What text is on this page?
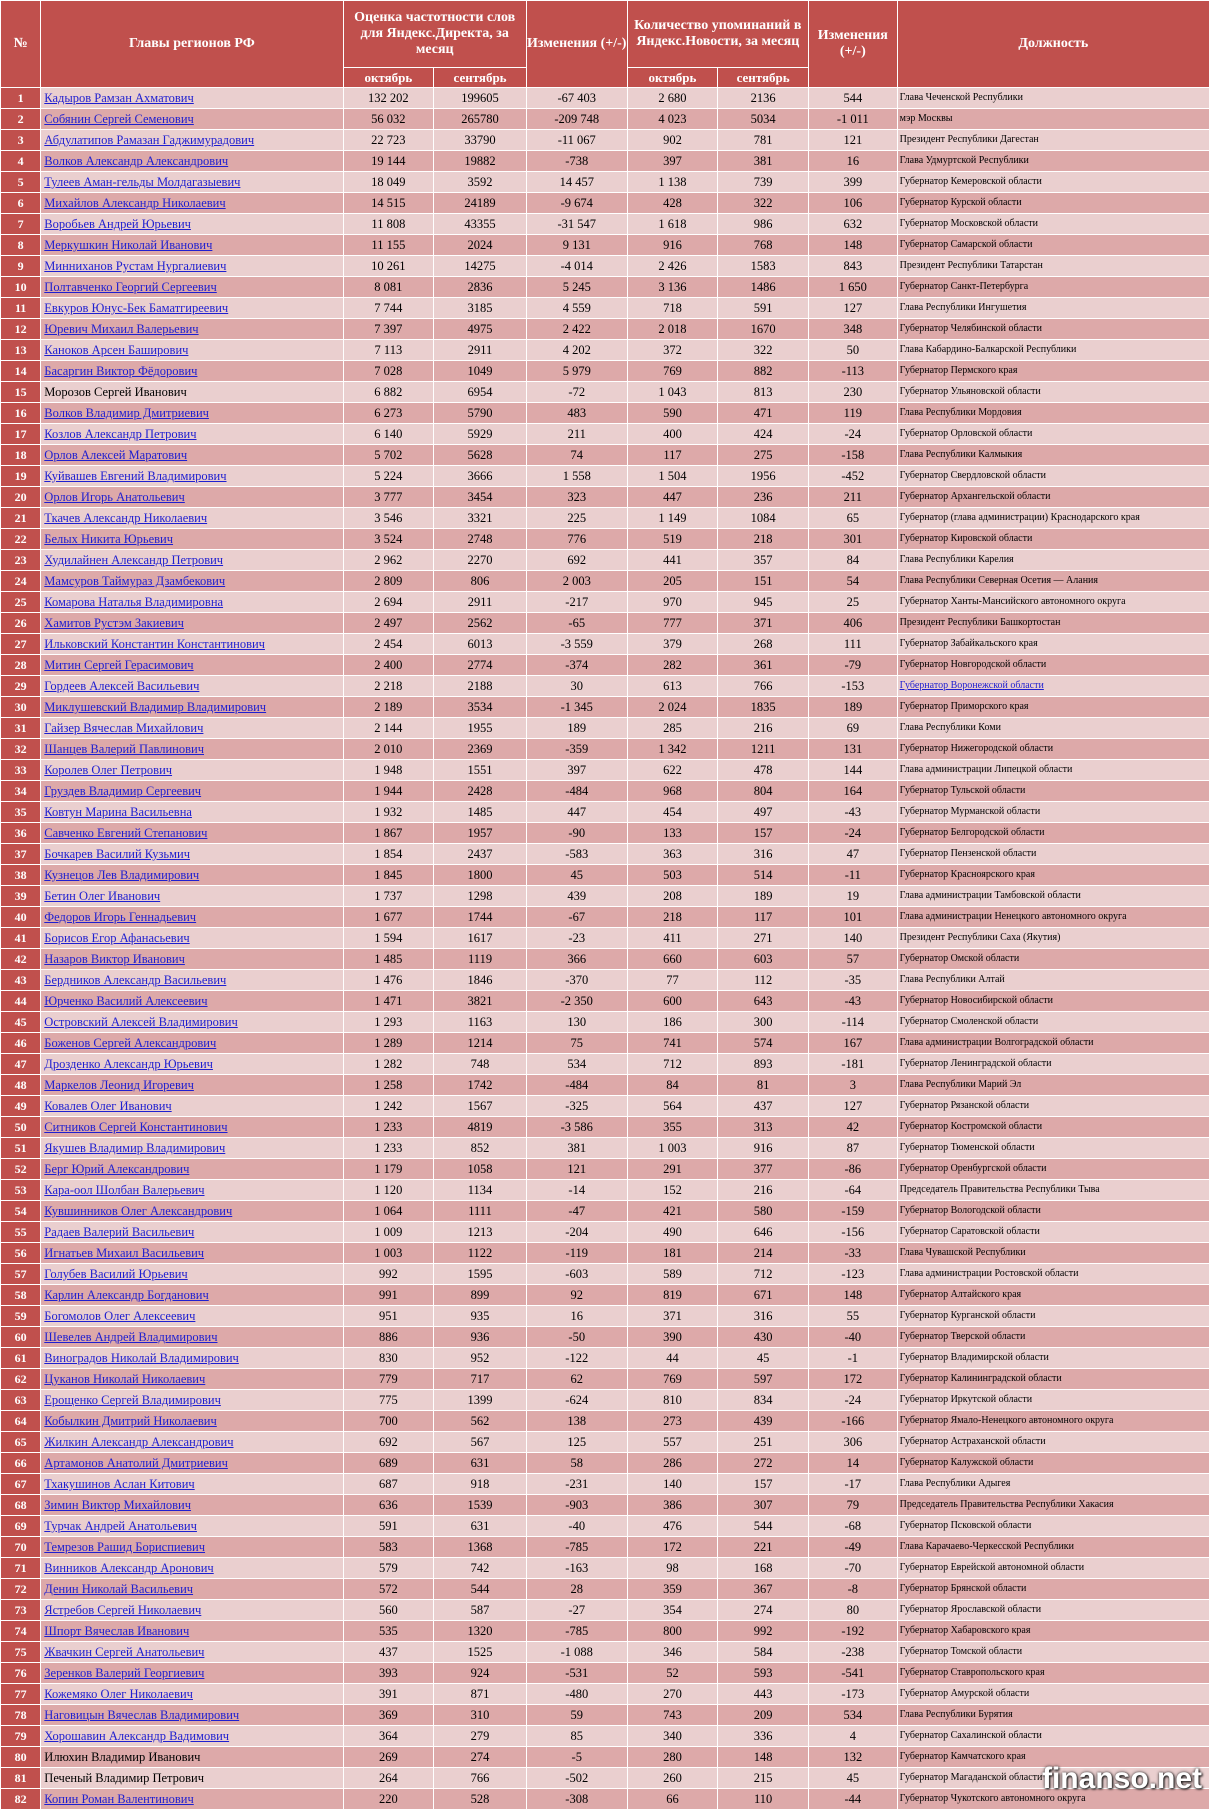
№	Главы регионов РФ	Оценка частотности слов для Яндекс.Директа, за месяц		Изменения (+/-)	Количество упоминаний в Яндекс.Новости, за месяц		Изменения (+/-)	Должность
		октябрь	сентябрь		октябрь	сентябрь		
1	Кадыров Рамзан Ахматович	132 202	199605	-67 403	2 680	2136	544	Глава Чеченской Республики
2	Собянин Сергей Семенович	56 032	265780	-209 748	4 023	5034	-1 011	мэр Москвы
3	Абдулатипов Рамазан Гаджимурадович	22 723	33790	-11 067	902	781	121	Президент Республики Дагестан
4	Волков Александр Александрович	19 144	19882	-738	397	381	16	Глава Удмуртской Республики
5	Тулеев Аман-гельды Молдагазыевич	18 049	3592	14 457	1 138	739	399	Губернатор Кемеровской области
6	Михайлов Александр Николаевич	14 515	24189	-9 674	428	322	106	Губернатор Курской области
7	Воробьев Андрей Юрьевич	11 808	43355	-31 547	1 618	986	632	Губернатор Московской области
8	Меркушкин Николай Иванович	11 155	2024	9 131	916	768	148	Губернатор Самарской области
9	Минниханов Рустам Нургалиевич	10 261	14275	-4 014	2 426	1583	843	Президент Республики Татарстан
10	Полтавченко Георгий Сергеевич	8 081	2836	5 245	3 136	1486	1 650	Губернатор Санкт-Петербурга
11	Евкуров Юнус-Бек Баматгиреевич	7 744	3185	4 559	718	591	127	Глава Республики Ингушетия
12	Юревич Михаил Валерьевич	7 397	4975	2 422	2 018	1670	348	Губернатор Челябинской области
13	Каноков Арсен Баширович	7 113	2911	4 202	372	322	50	Глава Кабардино-Балкарской Республики
14	Басаргин Виктор Фёдорович	7 028	1049	5 979	769	882	-113	Губернатор Пермского края
15	Морозов Сергей Иванович	6 882	6954	-72	1 043	813	230	Губернатор Ульяновской области
16	Волков Владимир Дмитриевич	6 273	5790	483	590	471	119	Глава Республики Мордовия
17	Козлов Александр Петрович	6 140	5929	211	400	424	-24	Губернатор Орловской области
18	Орлов Алексей Маратович	5 702	5628	74	117	275	-158	Глава Республики Калмыкия
19	Куйвашев Евгений Владимирович	5 224	3666	1 558	1 504	1956	-452	Губернатор Свердловской области
20	Орлов Игорь Анатольевич	3 777	3454	323	447	236	211	Губернатор Архангельской области
21	Ткачев Александр Николаевич	3 546	3321	225	1 149	1084	65	Губернатор (глава администрации) Краснодарского края
22	Белых Никита Юрьевич	3 524	2748	776	519	218	301	Губернатор Кировской области
23	Худилайнен Александр Петрович	2 962	2270	692	441	357	84	Глава Республики Карелия
24	Мамсуров Таймураз Дзамбекович	2 809	806	2 003	205	151	54	Глава Республики Северная Осетия — Алания
25	Комарова Наталья Владимировна	2 694	2911	-217	970	945	25	Губернатор Ханты-Мансийского автономного округа
26	Хамитов Рустэм Закиевич	2 497	2562	-65	777	371	406	Президент Республики Башкортостан
27	Ильковский Константин Константинович	2 454	6013	-3 559	379	268	111	Губернатор Забайкальского края
28	Митин Сергей Герасимович	2 400	2774	-374	282	361	-79	Губернатор Новгородской области
29	Гордеев Алексей Васильевич	2 218	2188	30	613	766	-153	Губернатор Воронежской области
30	Миклушевский Владимир Владимирович	2 189	3534	-1 345	2 024	1835	189	Губернатор Приморского края
31	Гайзер Вячеслав Михайлович	2 144	1955	189	285	216	69	Глава Республики Коми
32	Шанцев Валерий Павлинович	2 010	2369	-359	1 342	1211	131	Губернатор Нижегородской области
33	Королев Олег Петрович	1 948	1551	397	622	478	144	Глава администрации Липецкой области
34	Груздев Владимир Сергеевич	1 944	2428	-484	968	804	164	Губернатор Тульской области
35	Ковтун Марина Васильевна	1 932	1485	447	454	497	-43	Губернатор Мурманской области
36	Савченко Евгений Степанович	1 867	1957	-90	133	157	-24	Губернатор Белгородской области
37	Бочкарев Василий Кузьмич	1 854	2437	-583	363	316	47	Губернатор Пензенской области
38	Кузнецов Лев Владимирович	1 845	1800	45	503	514	-11	Губернатор Красноярского края
39	Бетин Олег Иванович	1 737	1298	439	208	189	19	Глава администрации Тамбовской области
40	Федоров Игорь Геннадьевич	1 677	1744	-67	218	117	101	Глава администрации Ненецкого автономного округа
41	Борисов Егор Афанасьевич	1 594	1617	-23	411	271	140	Президент Республики Саха (Якутия)
42	Назаров Виктор Иванович	1 485	1119	366	660	603	57	Губернатор Омской области
43	Бердников Александр Васильевич	1 476	1846	-370	77	112	-35	Глава Республики Алтай
44	Юрченко Василий Алексеевич	1 471	3821	-2 350	600	643	-43	Губернатор Новосибирской области
45	Островский Алексей Владимирович	1 293	1163	130	186	300	-114	Губернатор Смоленской области
46	Боженов Сергей Александрович	1 289	1214	75	741	574	167	Глава администрации Волгоградской области
47	Дрозденко Александр Юрьевич	1 282	748	534	712	893	-181	Губернатор Ленинградской области
48	Маркелов Леонид Игоревич	1 258	1742	-484	84	81	3	Глава Республики Марий Эл
49	Ковалев Олег Иванович	1 242	1567	-325	564	437	127	Губернатор Рязанской области
50	Ситников Сергей Константинович	1 233	4819	-3 586	355	313	42	Губернатор Костромской области
51	Якушев Владимир Владимирович	1 233	852	381	1 003	916	87	Губернатор Тюменской области
52	Берг Юрий Александрович	1 179	1058	121	291	377	-86	Губернатор Оренбургской области
53	Кара-оол Шолбан Валерьевич	1 120	1134	-14	152	216	-64	Председатель Правительства Республики Тыва
54	Кувшинников Олег Александрович	1 064	1111	-47	421	580	-159	Губернатор Вологодской области
55	Радаев Валерий Васильевич	1 009	1213	-204	490	646	-156	Губернатор Саратовской области
56	Игнатьев Михаил Васильевич	1 003	1122	-119	181	214	-33	Глава Чувашской Республики
57	Голубев Василий Юрьевич	992	1595	-603	589	712	-123	Глава администрации Ростовской области
58	Карлин Александр Богданович	991	899	92	819	671	148	Губернатор Алтайского края
59	Богомолов Олег Алексеевич	951	935	16	371	316	55	Губернатор Курганской области
60	Шевелев Андрей Владимирович	886	936	-50	390	430	-40	Губернатор Тверской области
61	Виноградов Николай Владимирович	830	952	-122	44	45	-1	Губернатор Владимирской области
62	Цуканов Николай Николаевич	779	717	62	769	597	172	Губернатор Калининградской области
63	Ерощенко Сергей Владимирович	775	1399	-624	810	834	-24	Губернатор Иркутской области
64	Кобылкин Дмитрий Николаевич	700	562	138	273	439	-166	Губернатор Ямало-Ненецкого автономного округа
65	Жилкин Александр Александрович	692	567	125	557	251	306	Губернатор Астраханской области
66	Артамонов Анатолий Дмитриевич	689	631	58	286	272	14	Губернатор Калужской области
67	Тхакушинов Аслан Китович	687	918	-231	140	157	-17	Глава Республики Адыгея
68	Зимин Виктор Михайлович	636	1539	-903	386	307	79	Председатель Правительства Республики Хакасия
69	Турчак Андрей Анатольевич	591	631	-40	476	544	-68	Губернатор Псковской области
70	Темрезов Рашид Бориспиевич	583	1368	-785	172	221	-49	Глава Карачаево-Черкесской Республики
71	Винников Александр Аронович	579	742	-163	98	168	-70	Губернатор Еврейской автономной области
72	Денин Николай Васильевич	572	544	28	359	367	-8	Губернатор Брянской области
73	Ястребов Сергей Николаевич	560	587	-27	354	274	80	Губернатор Ярославской области
74	Шпорт Вячеслав Иванович	535	1320	-785	800	992	-192	Губернатор Хабаровского края
75	Жвачкин Сергей Анатольевич	437	1525	-1 088	346	584	-238	Губернатор Томской области
76	Зеренков Валерий Георгиевич	393	924	-531	52	593	-541	Губернатор Ставропольского края
77	Кожемяко Олег Николаевич	391	871	-480	270	443	-173	Губернатор Амурской области
78	Наговицын Вячеслав Владимирович	369	310	59	743	209	534	Глава Республики Бурятия
79	Хорошавин Александр Вадимович	364	279	85	340	336	4	Губернатор Сахалинской области
80	Илюхин Владимир Иванович	269	274	-5	280	148	132	Губернатор Камчатского края
81	Печеный Владимир Петрович	264	766	-502	260	215	45	Губернатор Магаданской области
82	Копин Роман Валентинович	220	528	-308	66	110	-44	Губернатор Чукотского автономного округа
finanso.net
